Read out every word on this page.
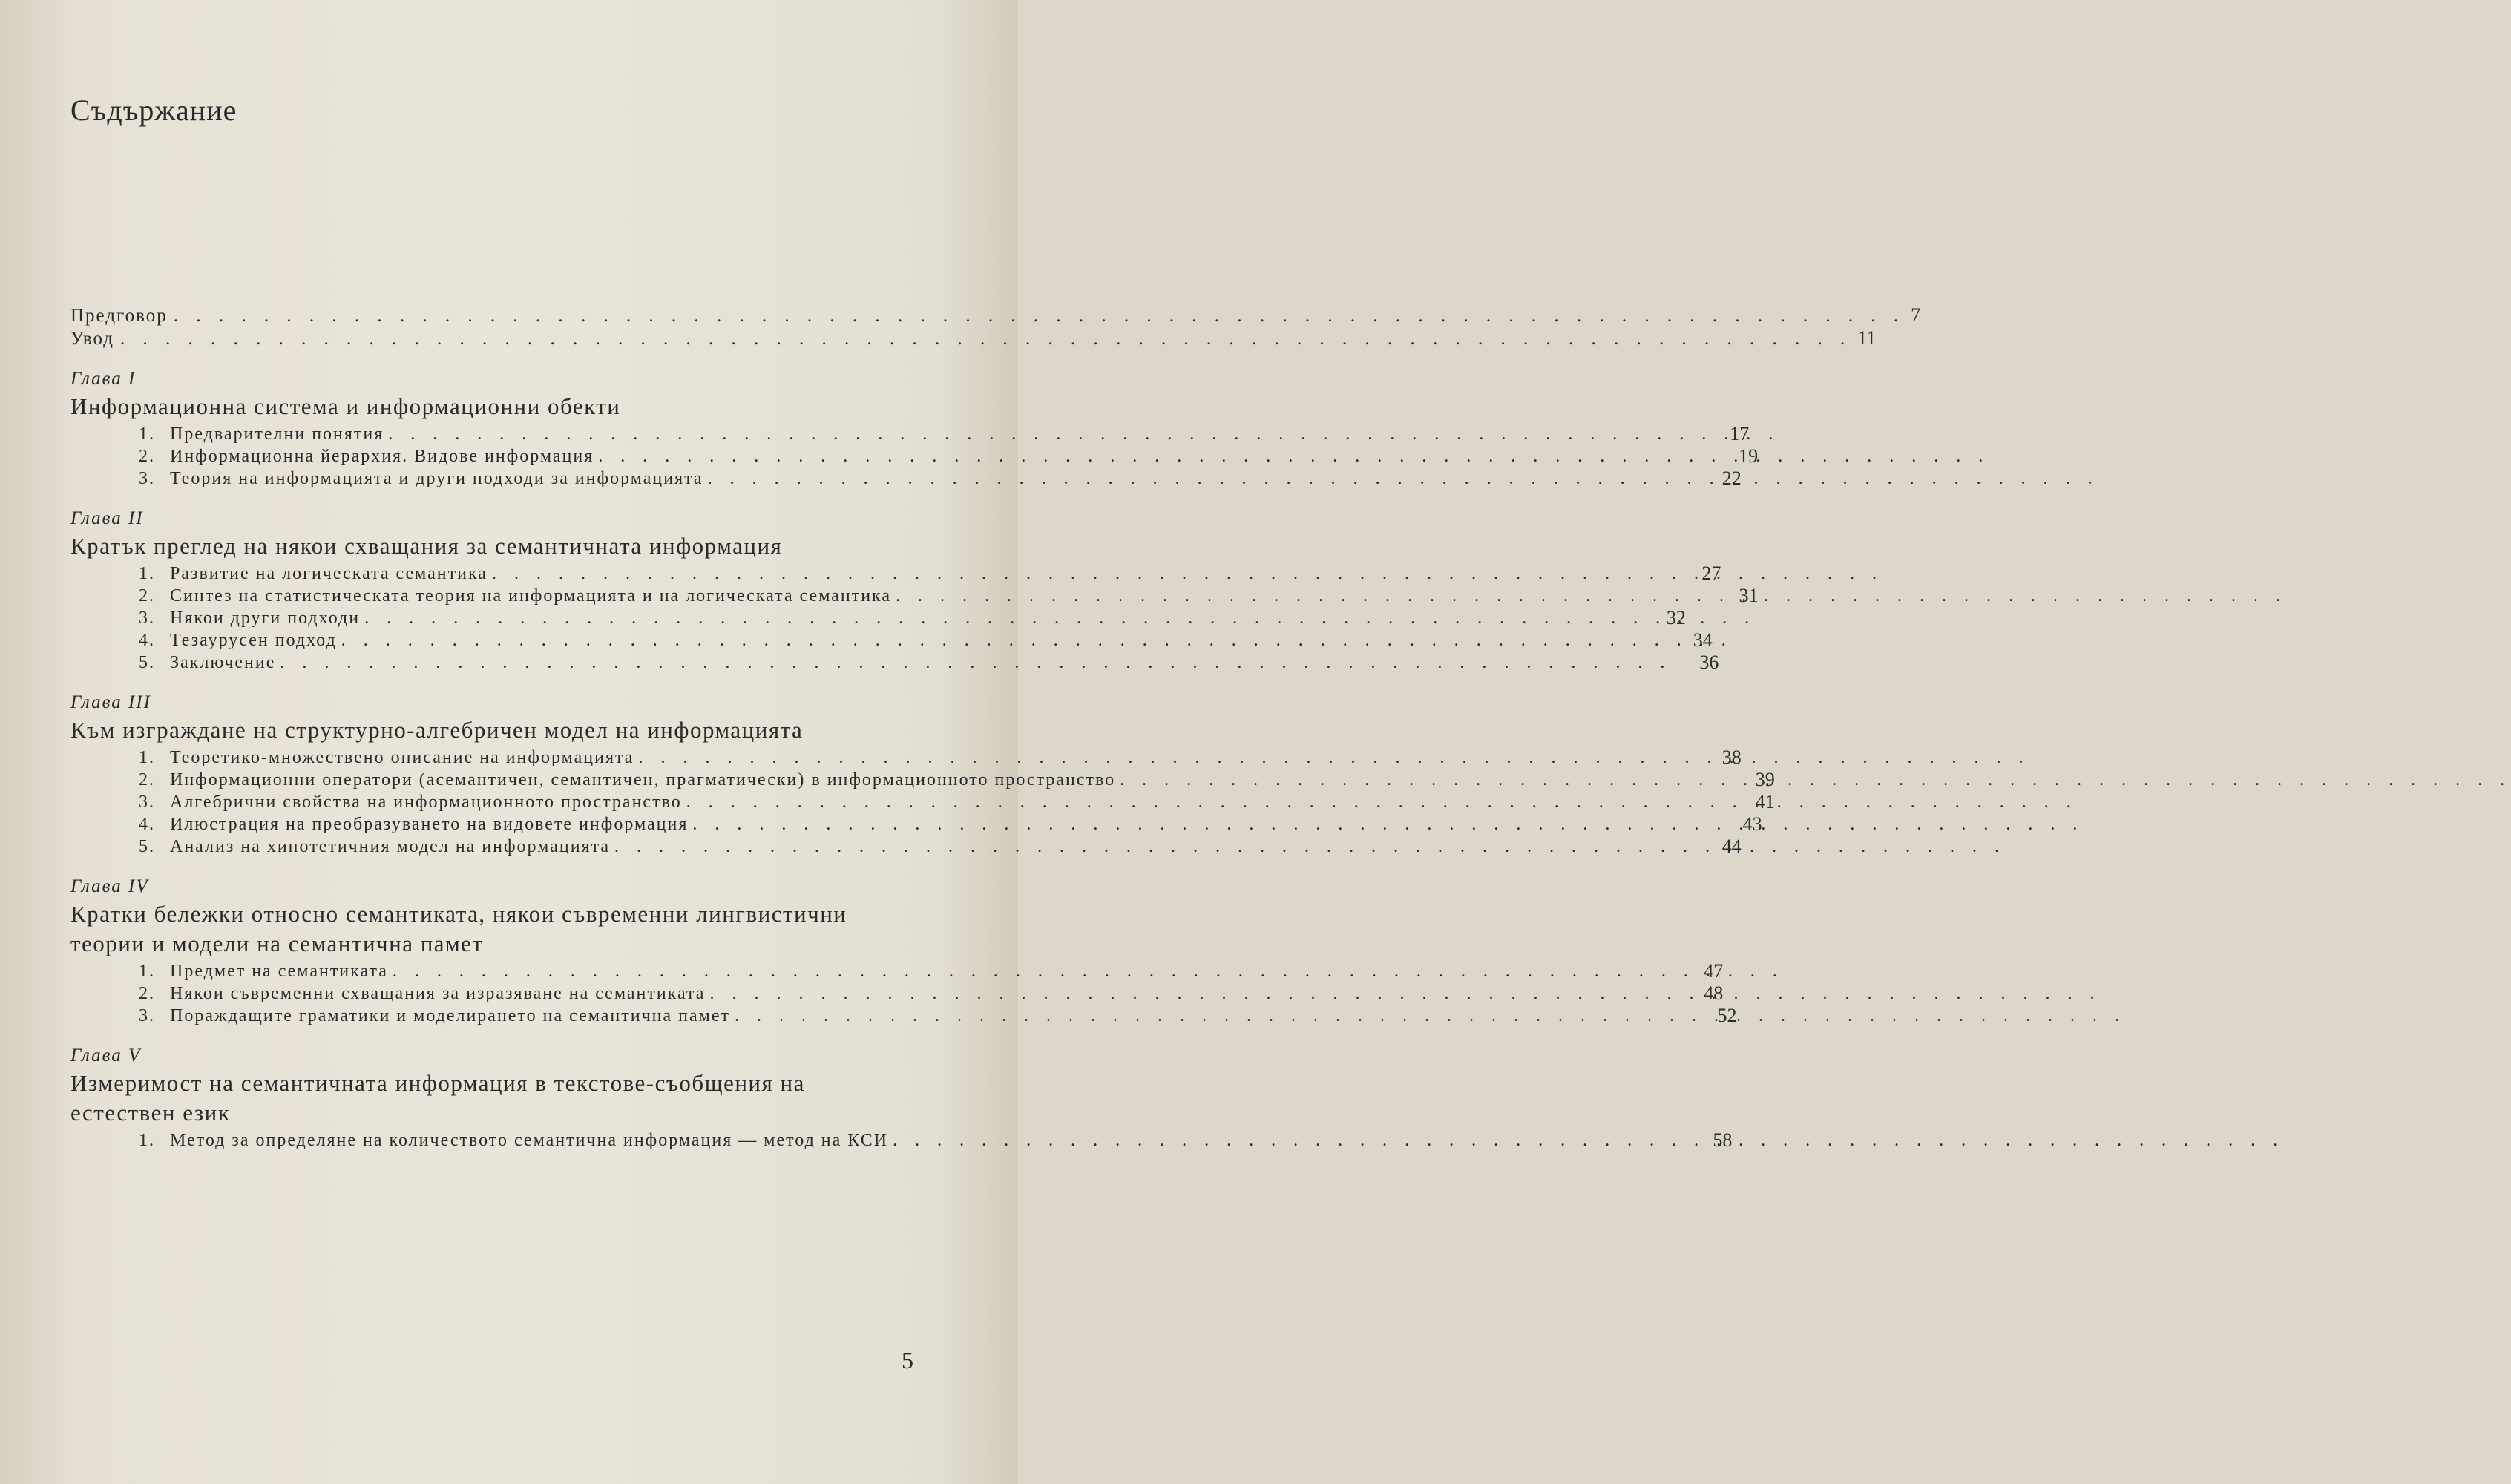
Съдържание
Предговор . . .	7
Увод . . .	11
Глава I
Информационна система и информационни обекти
1. Предварителни понятия . . .	17
2. Информационна йерархия. Видове информация . . .	19
3. Теория на информацията и други подходи за информацията . . .	22
Глава II
Кратък преглед на някои схващания за семантичната информация
1. Развитие на логическата семантика . . .	27
2. Синтез на статистическата теория на информацията и на логическата семантика . . .	31
3. Някои други подходи . . .	32
4. Тезаурусен подход . . .	34
5. Заключение . . .	36
Глава III
Към изграждане на структурно-алгебричен модел на информацията
1. Теоретико-множествено описание на информацията . . .	38
2. Информационни оператори (асемантичен, семантичен, прагматически) в информационното пространство . . .	39
3. Алгебрични свойства на информационното пространство . . .	41
4. Илюстрация на преобразуването на видовете информация . . .	43
5. Анализ на хипотетичния модел на информацията . . .	44
Глава IV
Кратки бележки относно семантиката, някои съвременни лингвистични теории и модели на семантична памет
1. Предмет на семантиката . . .	47
2. Някои съвременни схващания за изразяване на семантиката . . .	48
3. Пораждащите граматики и моделирането на семантична памет . . .	52
Глава V
Измеримост на семантичната информация в текстове-съобщения на естествен език
1. Метод за определяне на количеството семантична информация — метод на КСИ . . .	58
5
